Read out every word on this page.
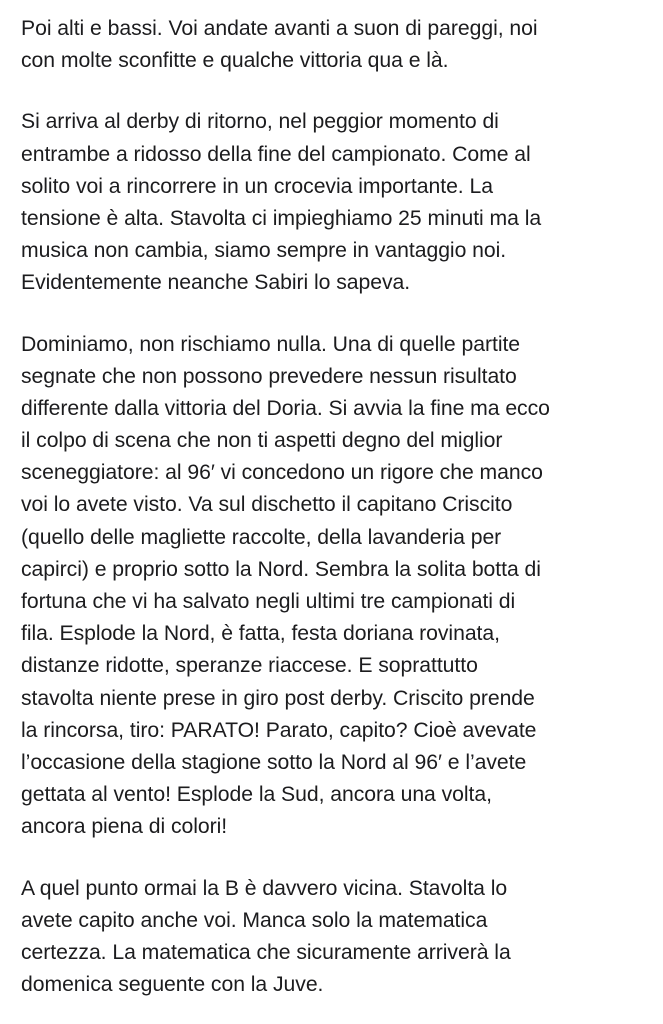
Poi alti e bassi. Voi andate avanti a suon di pareggi, noi
con molte sconfitte e qualche vittoria qua e là.
Si arriva al derby di ritorno, nel peggior momento di
entrambe a ridosso della fine del campionato. Come al
solito voi a rincorrere in un crocevia importante. La
tensione è alta. Stavolta ci impieghiamo 25 minuti ma la
musica non cambia, siamo sempre in vantaggio noi.
Evidentemente neanche Sabiri lo sapeva.
Dominiamo, non rischiamo nulla. Una di quelle partite
segnate che non possono prevedere nessun risultato
differente dalla vittoria del Doria. Si avvia la fine ma ecco
il colpo di scena che non ti aspetti degno del miglior
sceneggiatore: al 96′ vi concedono un rigore che manco
voi lo avete visto. Va sul dischetto il capitano Criscito
(quello delle magliette raccolte, della lavanderia per
capirci) e proprio sotto la Nord. Sembra la solita botta di
fortuna che vi ha salvato negli ultimi tre campionati di
fila. Esplode la Nord, è fatta, festa doriana rovinata,
distanze ridotte, speranze riaccese. E soprattutto
stavolta niente prese in giro post derby. Criscito prende
la rincorsa, tiro: PARATO! Parato, capito? Cioè avevate
l’occasione della stagione sotto la Nord al 96′ e l’avete
gettata al vento! Esplode la Sud, ancora una volta,
ancora piena di colori!
A quel punto ormai la B è davvero vicina. Stavolta lo
avete capito anche voi. Manca solo la matematica
certezza. La matematica che sicuramente arriverà la
domenica seguente con la Juve.
